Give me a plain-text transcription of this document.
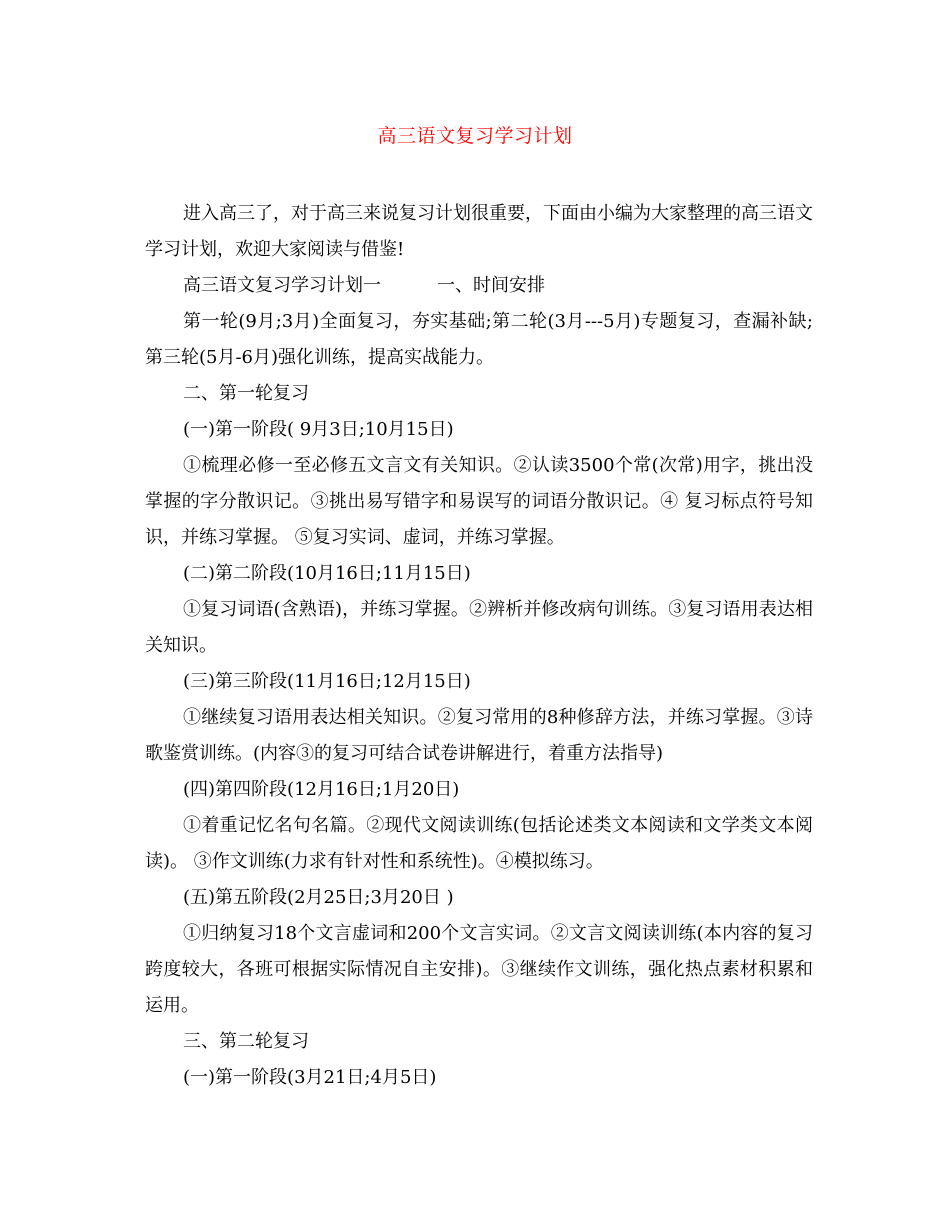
高三语文复习学习计划

进入高三了，对于高三来说复习计划很重要，下面由小编为大家整理的高三语文学习计划，欢迎大家阅读与借鉴!

高三语文复习学习计划一	一、时间安排

第一轮(9月;3月)全面复习，夯实基础;第二轮(3月---5月)专题复习，查漏补缺;第三轮(5月-6月)强化训练，提高实战能力。

二、第一轮复习

(一)第一阶段( 9月3日;10月15日)

①梳理必修一至必修五文言文有关知识。②认读3500个常(次常)用字，挑出没掌握的字分散识记。③挑出易写错字和易误写的词语分散识记。④ 复习标点符号知识，并练习掌握。 ⑤复习实词、虚词，并练习掌握。

(二)第二阶段(10月16日;11月15日)

①复习词语(含熟语)，并练习掌握。②辨析并修改病句训练。③复习语用表达相关知识。

(三)第三阶段(11月16日;12月15日)

①继续复习语用表达相关知识。②复习常用的8种修辞方法，并练习掌握。③诗歌鉴赏训练。(内容③的复习可结合试卷讲解进行，着重方法指导)

(四)第四阶段(12月16日;1月20日)

①着重记忆名句名篇。②现代文阅读训练(包括论述类文本阅读和文学类文本阅读)。 ③作文训练(力求有针对性和系统性)。④模拟练习。

(五)第五阶段(2月25日;3月20日 )

①归纳复习18个文言虚词和200个文言实词。②文言文阅读训练(本内容的复习跨度较大，各班可根据实际情况自主安排)。③继续作文训练，强化热点素材积累和运用。

三、第二轮复习

(一)第一阶段(3月21日;4月5日)
